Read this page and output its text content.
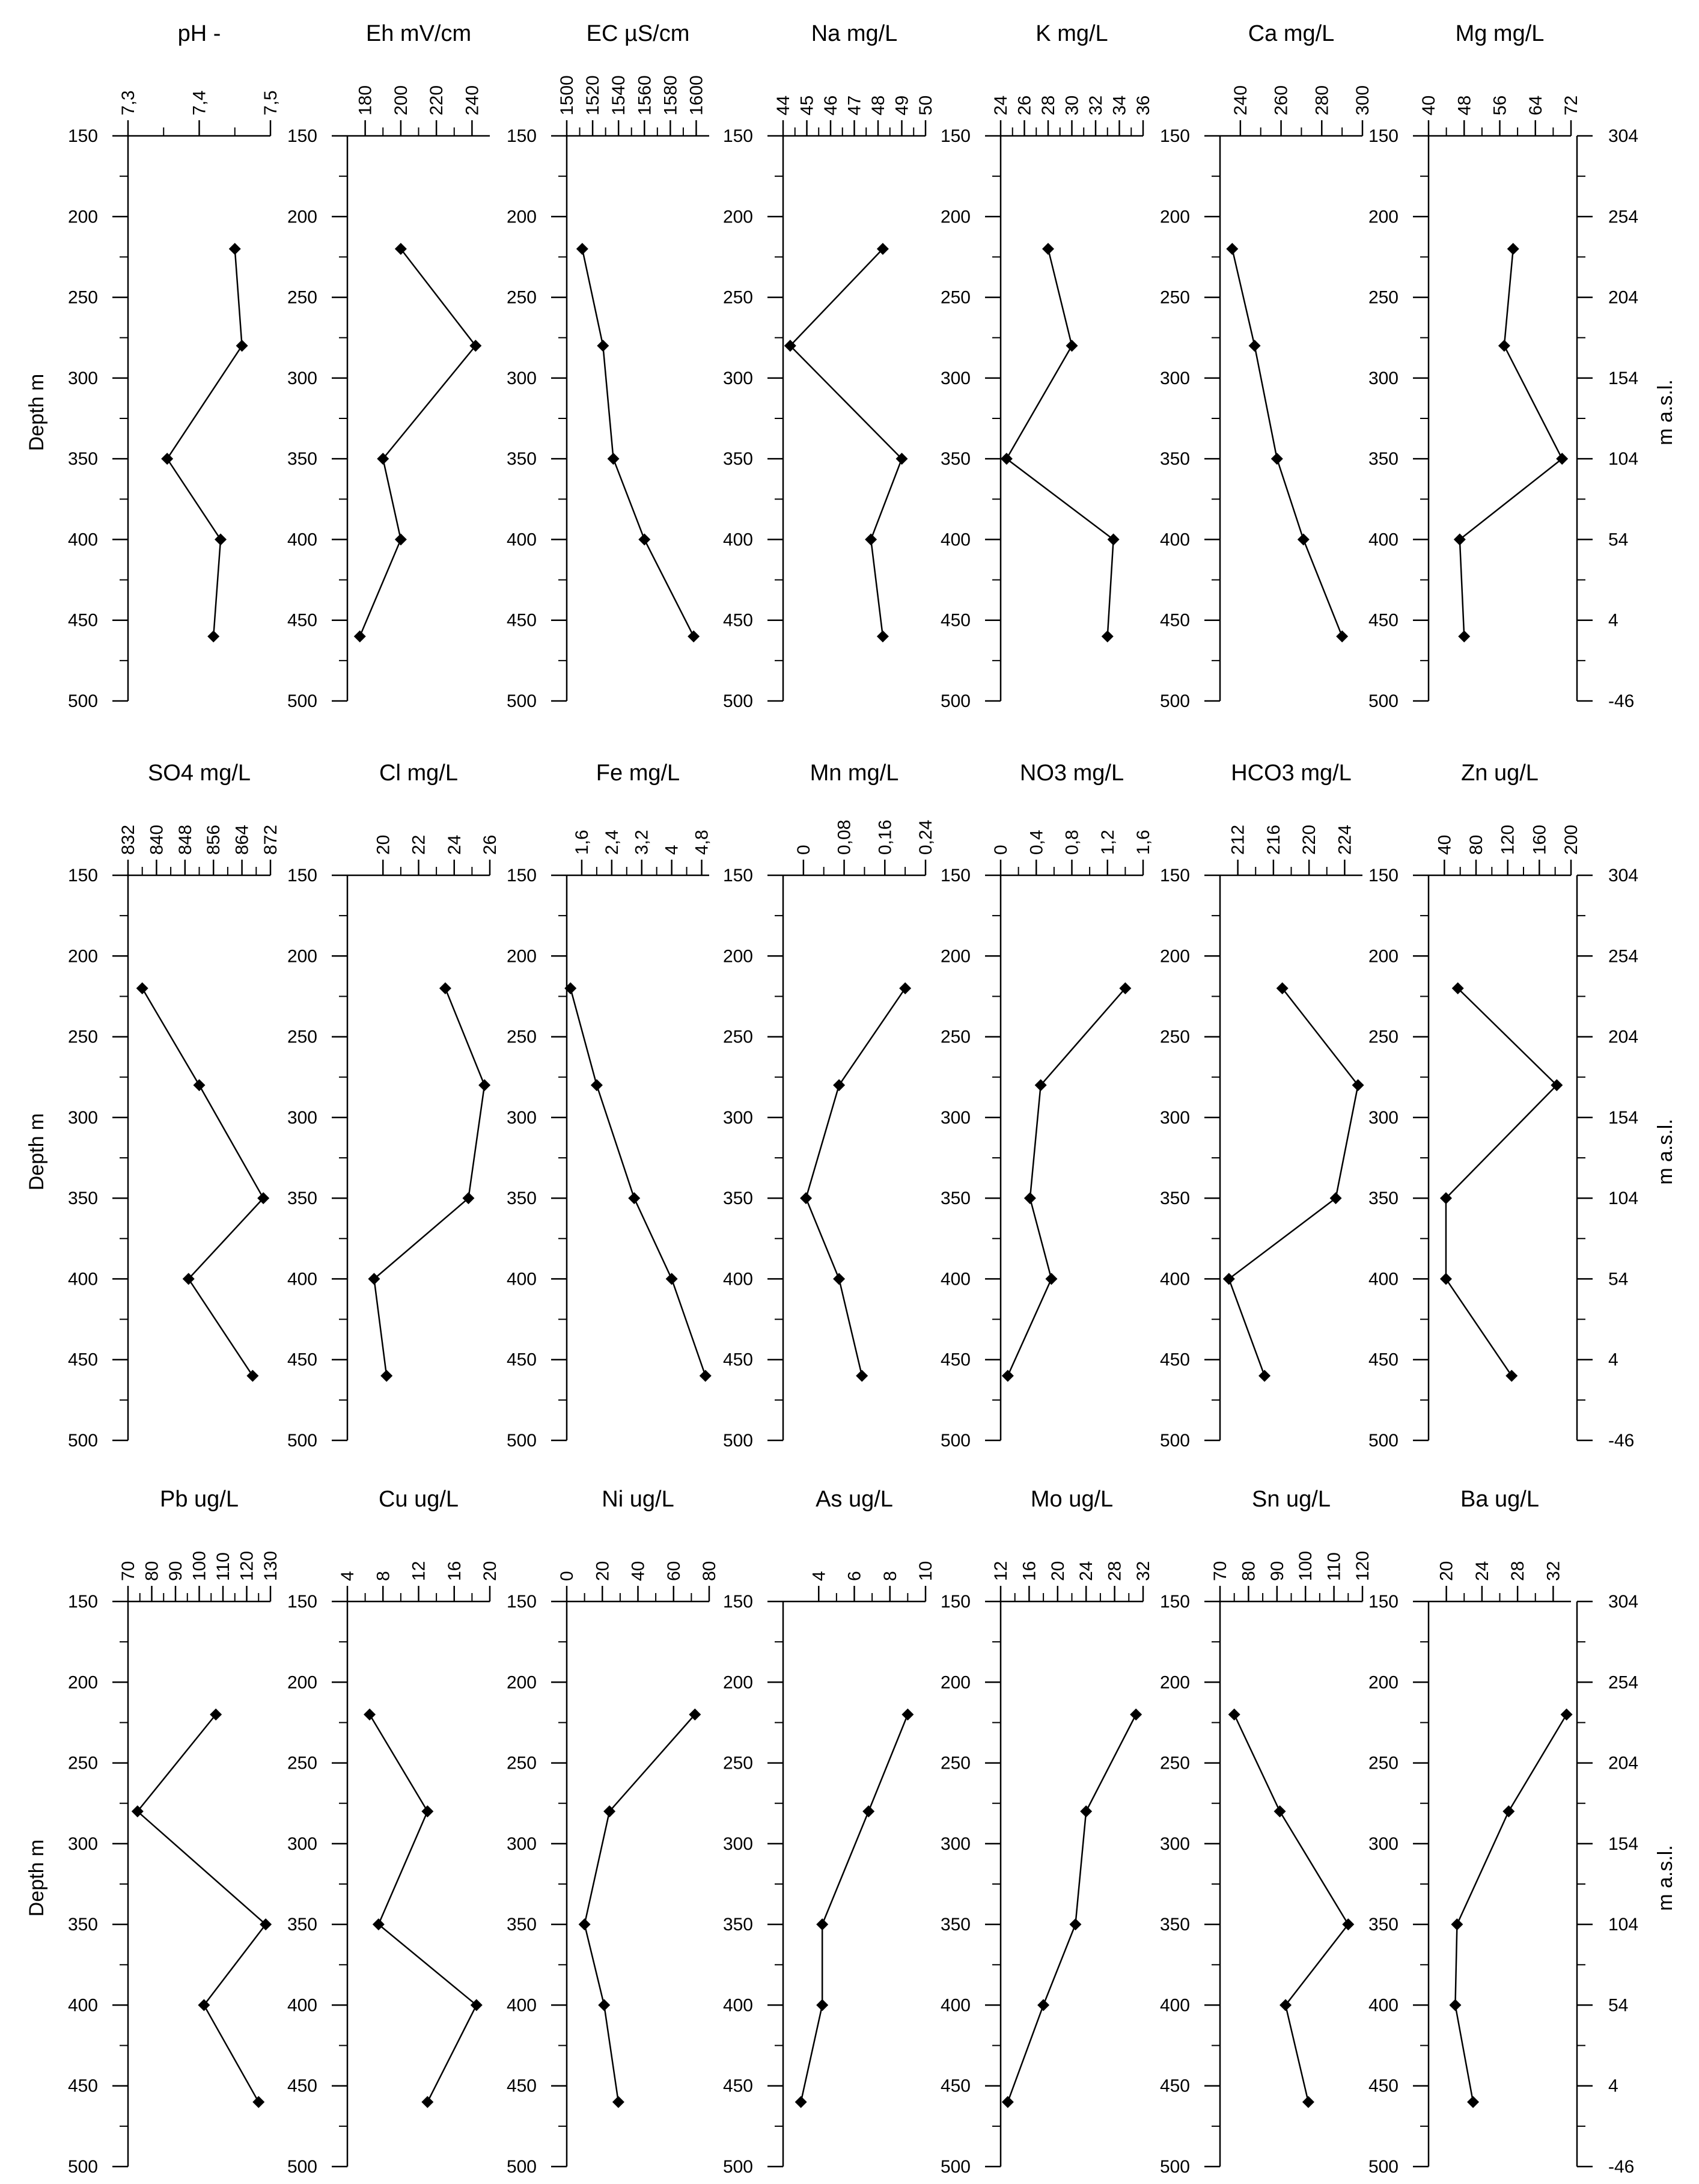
pH -
7,3	7,4	7,5
150
200
250
300
350
400
450
500
Eh mV/cm
180 200 220 240
150
200
250
300
350
400
450
500
EC µS/cm
1500 1520 1540 1560 1580 1600
150
200
250
300
350
400
450
500
Na mg/L
44 45 46 47 48 49 50
150
200
250
300
350
400
450
500
K mg/L
24 26 28 30 32 34 36
150
200
250
300
350
400
450
500
Ca mg/L
240 260 280 300
150
200
250
300
350
400
450
500
Mg mg/L
40 48 56 64 72
150
200
250
300
350
400
450
500
SO4 mg/L
832 840 848 856 864 872
150
200
250
300
350
400
450
500
Cl mg/L
20 22 24 26
150
200
250
300
350
400
450
500
Fe mg/L
1,6 2,4 3,2 4 4,8
150
200
250
300
350
400
450
500
Mn mg/L
0 0,08 0,16 0,24
150
200
250
300
350
400
450
500
NO3 mg/L
0 0,4 0,8 1,2 1,6
150
200
250
300
350
400
450
500
HCO3 mg/L
212 216 220 224
150
200
250
300
350
400
450
500
Zn ug/L
40 80 120 160 200
150
200
250
300
350
400
450
500
Pb ug/L
70 80 90 100 110 120 130
150
200
250
300
350
400
450
500
Cu ug/L
4 8 12 16 20
150
200
250
300
350
400
450
500
Ni ug/L
0 20 40 60 80
150
200
250
300
350
400
450
500
As ug/L
4 6 8 10
150
200
250
300
350
400
450
500
Mo ug/L
12 16 20 24 28 32
150
200
250
300
350
400
450
500
Sn ug/L
70 80 90 100 110 120
150
200
250
300
350
400
450
500
Ba ug/L
20 24 28 32
150
200
250
300
350
400
450
500
Depth m
304
254
204
154
104
54
4
-46
m a.s.l.
Depth m
304
254
204
154
104
54
4
-46
m a.s.l.
Depth m
304
254
204
154
104
54
4
-46
m a.s.l.
